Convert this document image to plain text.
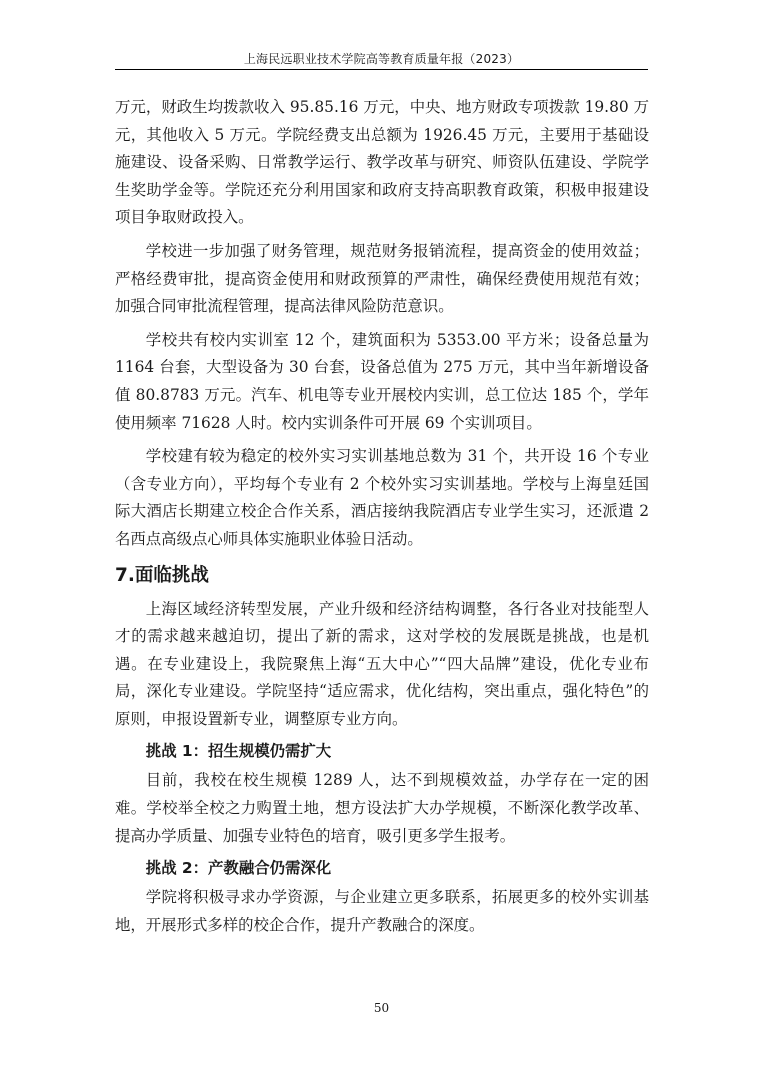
上海民远职业技术学院高等教育质量年报（2023）

万元，财政生均拨款收入 95.85.16 万元，中央、地方财政专项拨款 19.80 万元，其他收入 5 万元。学院经费支出总额为 1926.45 万元，主要用于基础设施建设、设备采购、日常教学运行、教学改革与研究、师资队伍建设、学院学生奖助学金等。学院还充分利用国家和政府支持高职教育政策，积极申报建设项目争取财政投入。

学校进一步加强了财务管理，规范财务报销流程，提高资金的使用效益；严格经费审批，提高资金使用和财政预算的严肃性，确保经费使用规范有效；加强合同审批流程管理，提高法律风险防范意识。

学校共有校内实训室 12 个，建筑面积为 5353.00 平方米；设备总量为 1164 台套，大型设备为 30 台套，设备总值为 275 万元，其中当年新增设备值 80.8783 万元。汽车、机电等专业开展校内实训，总工位达 185 个，学年使用频率 71628 人时。校内实训条件可开展 69 个实训项目。

学校建有较为稳定的校外实习实训基地总数为 31 个，共开设 16 个专业（含专业方向），平均每个专业有 2 个校外实习实训基地。学校与上海皇廷国际大酒店长期建立校企合作关系，酒店接纳我院酒店专业学生实习，还派遣 2 名西点高级点心师具体实施职业体验日活动。

7.面临挑战

上海区域经济转型发展，产业升级和经济结构调整，各行各业对技能型人才的需求越来越迫切，提出了新的需求，这对学校的发展既是挑战，也是机遇。在专业建设上，我院聚焦上海“五大中心”“四大品牌”建设，优化专业布局，深化专业建设。学院坚持“适应需求，优化结构，突出重点，强化特色”的原则，申报设置新专业，调整原专业方向。

挑战 1：招生规模仍需扩大

目前，我校在校生规模 1289 人，达不到规模效益，办学存在一定的困难。学校举全校之力购置土地，想方设法扩大办学规模，不断深化教学改革、提高办学质量、加强专业特色的培育，吸引更多学生报考。

挑战 2：产教融合仍需深化

学院将积极寻求办学资源，与企业建立更多联系，拓展更多的校外实训基地，开展形式多样的校企合作，提升产教融合的深度。

50
